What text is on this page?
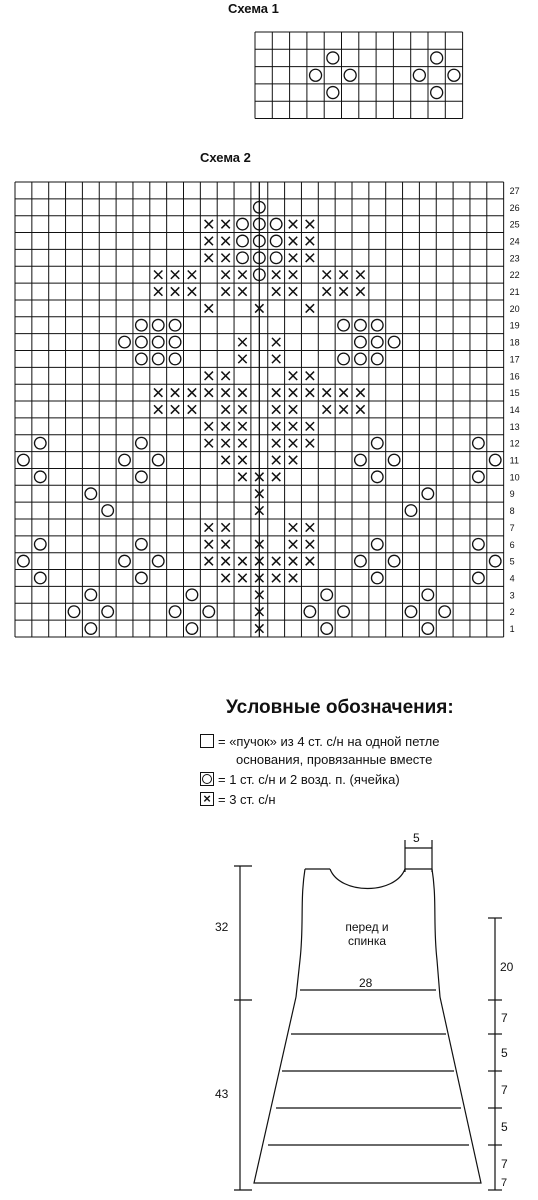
Схема 1
Схема 2
1
2
3
4
5
6
7
8
9
10
11
12
13
14
15
16
17
18
19
20
21
22
23
24
25
26
27
Условные обозначения:
= «пучок» из 4 ст. с/н на одной петле
основания, провязанные вместе
= 1 ст. с/н и 2 возд. п. (ячейка)
× = 3 ст. с/н
5
32
20
28
43
7
5
7
5
7
7
перед и
спинка
